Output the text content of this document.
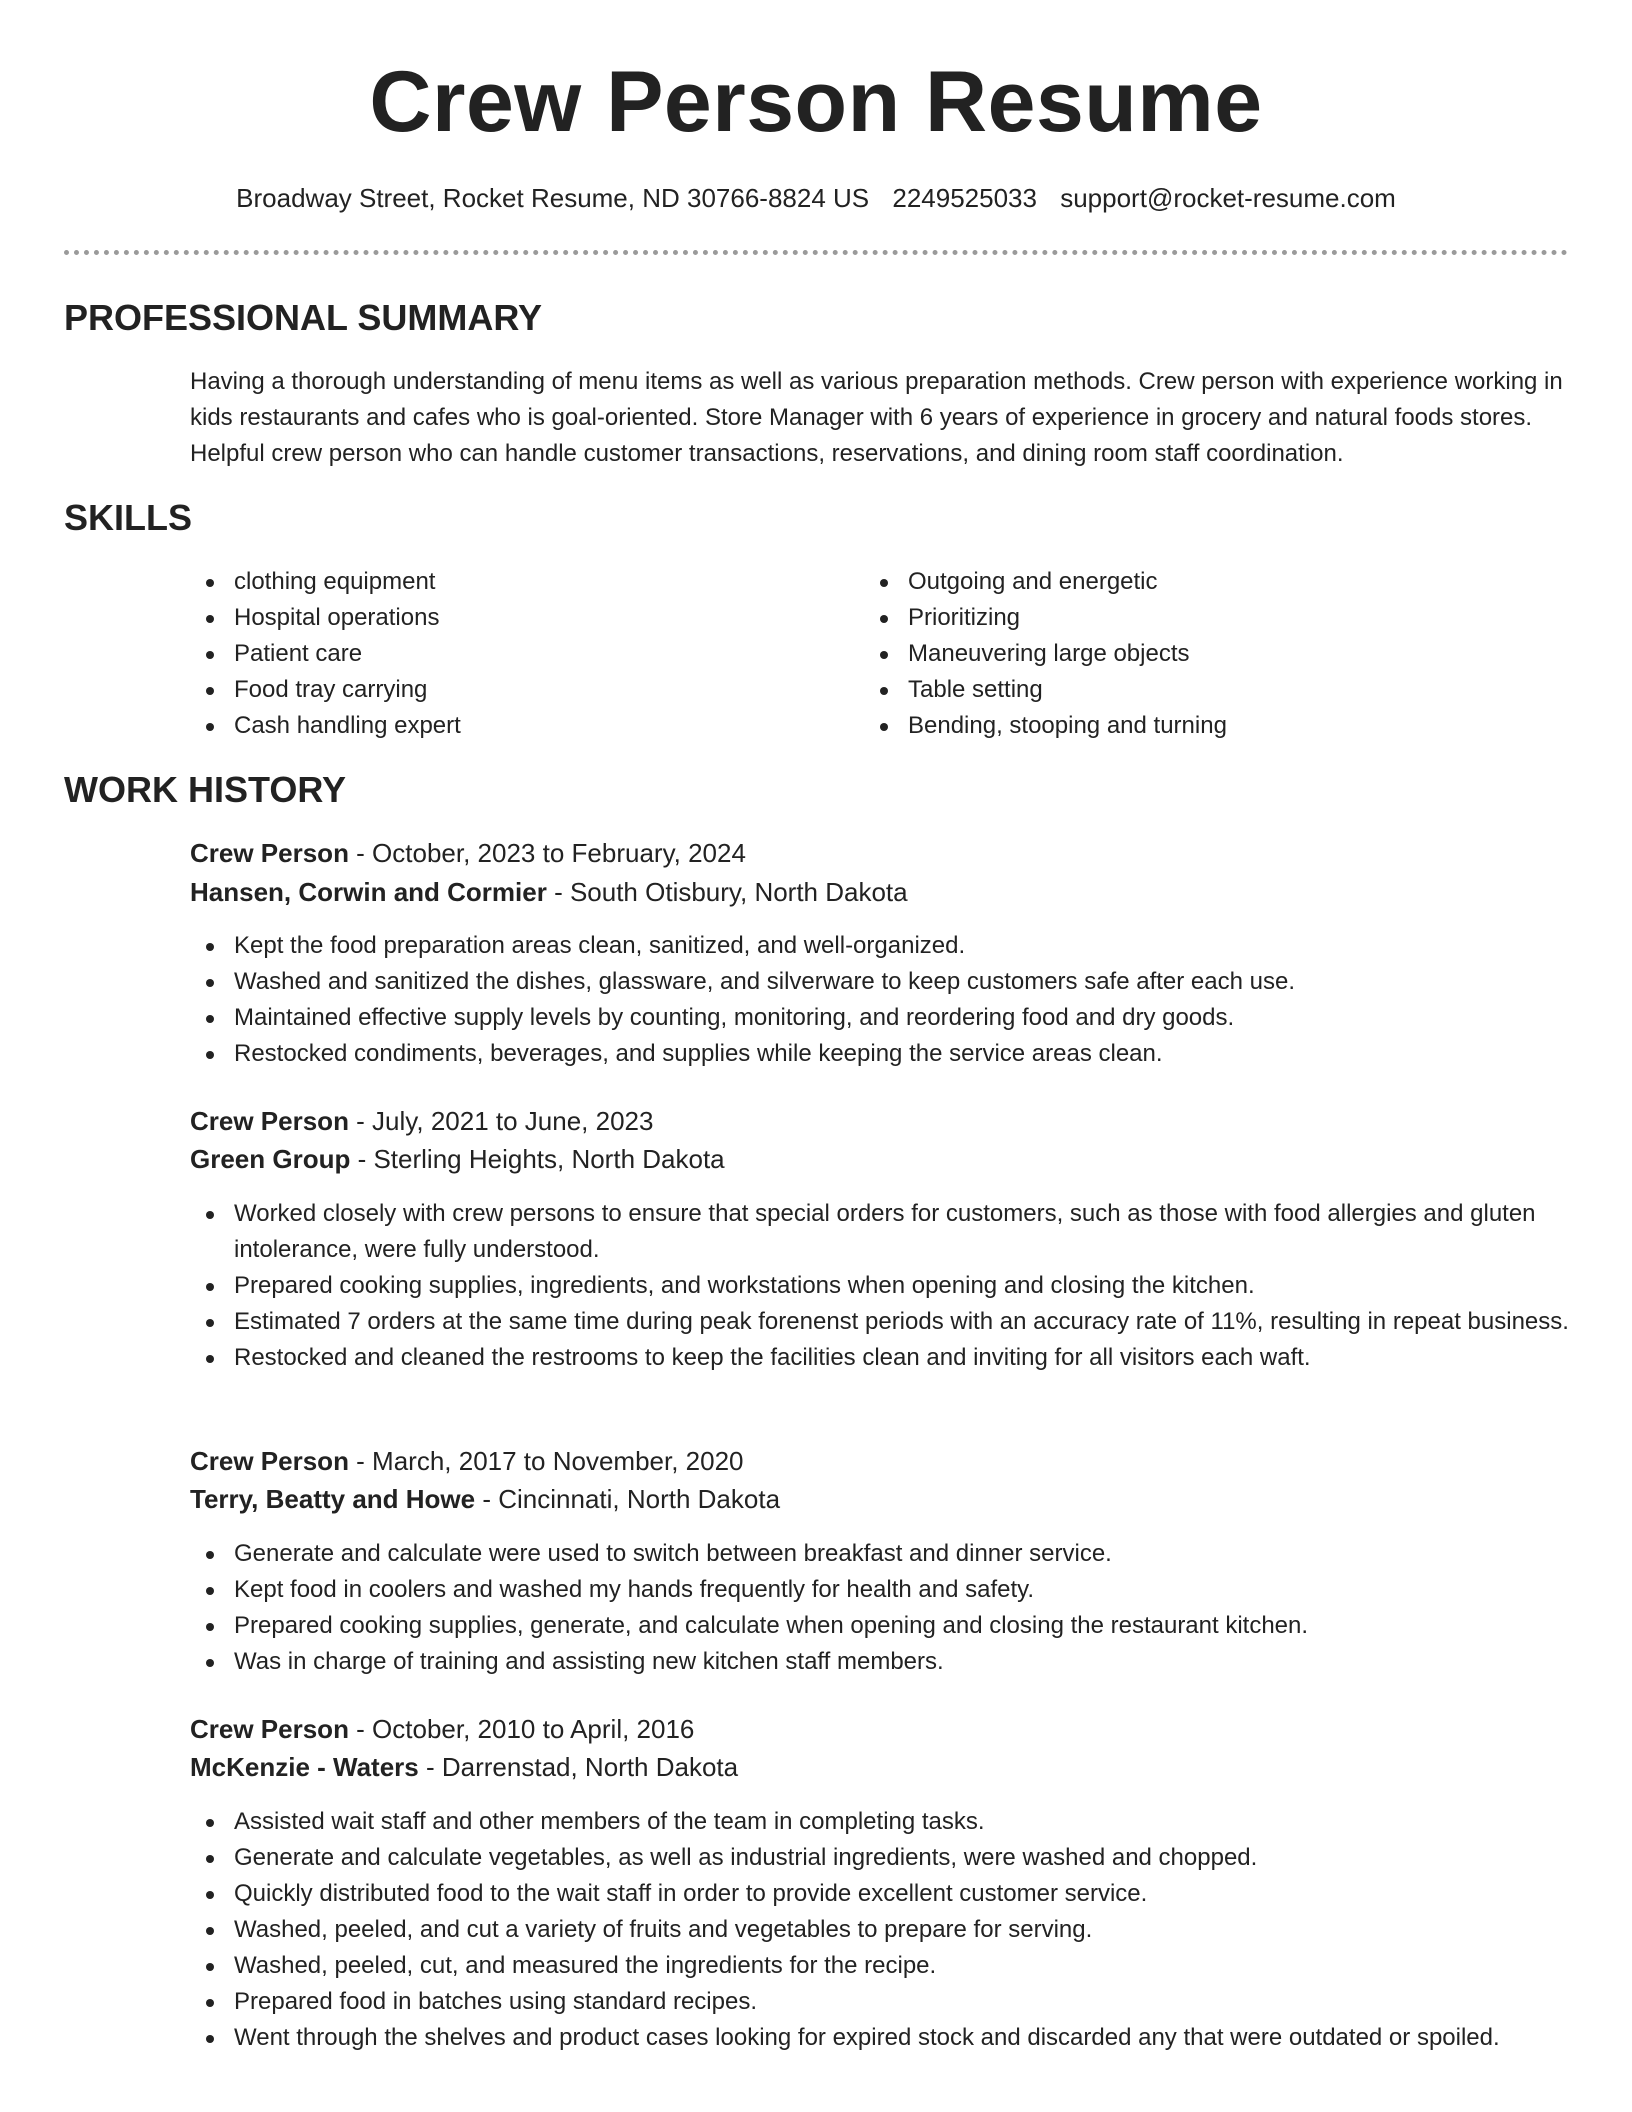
Crew Person Resume
Broadway Street, Rocket Resume, ND 30766-8824 US 2249525033 support@rocket-resume.com
PROFESSIONAL SUMMARY

Having a thorough understanding of menu items as well as various preparation methods. Crew person with experience working in kids restaurants and cafes who is goal-oriented. Store Manager with 6 years of experience in grocery and natural foods stores. Helpful crew person who can handle customer transactions, reservations, and dining room staff coordination.

SKILLS
clothing equipment
Hospital operations
Patient care
Food tray carrying
Cash handling expert
Outgoing and energetic
Prioritizing
Maneuvering large objects
Table setting
Bending, stooping and turning
WORK HISTORY
Crew Person - October, 2023 to February, 2024
Hansen, Corwin and Cormier - South Otisbury, North Dakota
Kept the food preparation areas clean, sanitized, and well-organized.
Washed and sanitized the dishes, glassware, and silverware to keep customers safe after each use.
Maintained effective supply levels by counting, monitoring, and reordering food and dry goods.
Restocked condiments, beverages, and supplies while keeping the service areas clean.
Crew Person - July, 2021 to June, 2023
Green Group - Sterling Heights, North Dakota
Worked closely with crew persons to ensure that special orders for customers, such as those with food allergies and gluten intolerance, were fully understood.
Prepared cooking supplies, ingredients, and workstations when opening and closing the kitchen.
Estimated 7 orders at the same time during peak forenenst periods with an accuracy rate of 11%, resulting in repeat business.
Restocked and cleaned the restrooms to keep the facilities clean and inviting for all visitors each waft.
Crew Person - March, 2017 to November, 2020
Terry, Beatty and Howe - Cincinnati, North Dakota
Generate and calculate were used to switch between breakfast and dinner service.
Kept food in coolers and washed my hands frequently for health and safety.
Prepared cooking supplies, generate, and calculate when opening and closing the restaurant kitchen.
Was in charge of training and assisting new kitchen staff members.
Crew Person - October, 2010 to April, 2016
McKenzie - Waters - Darrenstad, North Dakota
Assisted wait staff and other members of the team in completing tasks.
Generate and calculate vegetables, as well as industrial ingredients, were washed and chopped.
Quickly distributed food to the wait staff in order to provide excellent customer service.
Washed, peeled, and cut a variety of fruits and vegetables to prepare for serving.
Washed, peeled, cut, and measured the ingredients for the recipe.
Prepared food in batches using standard recipes.
Went through the shelves and product cases looking for expired stock and discarded any that were outdated or spoiled.
